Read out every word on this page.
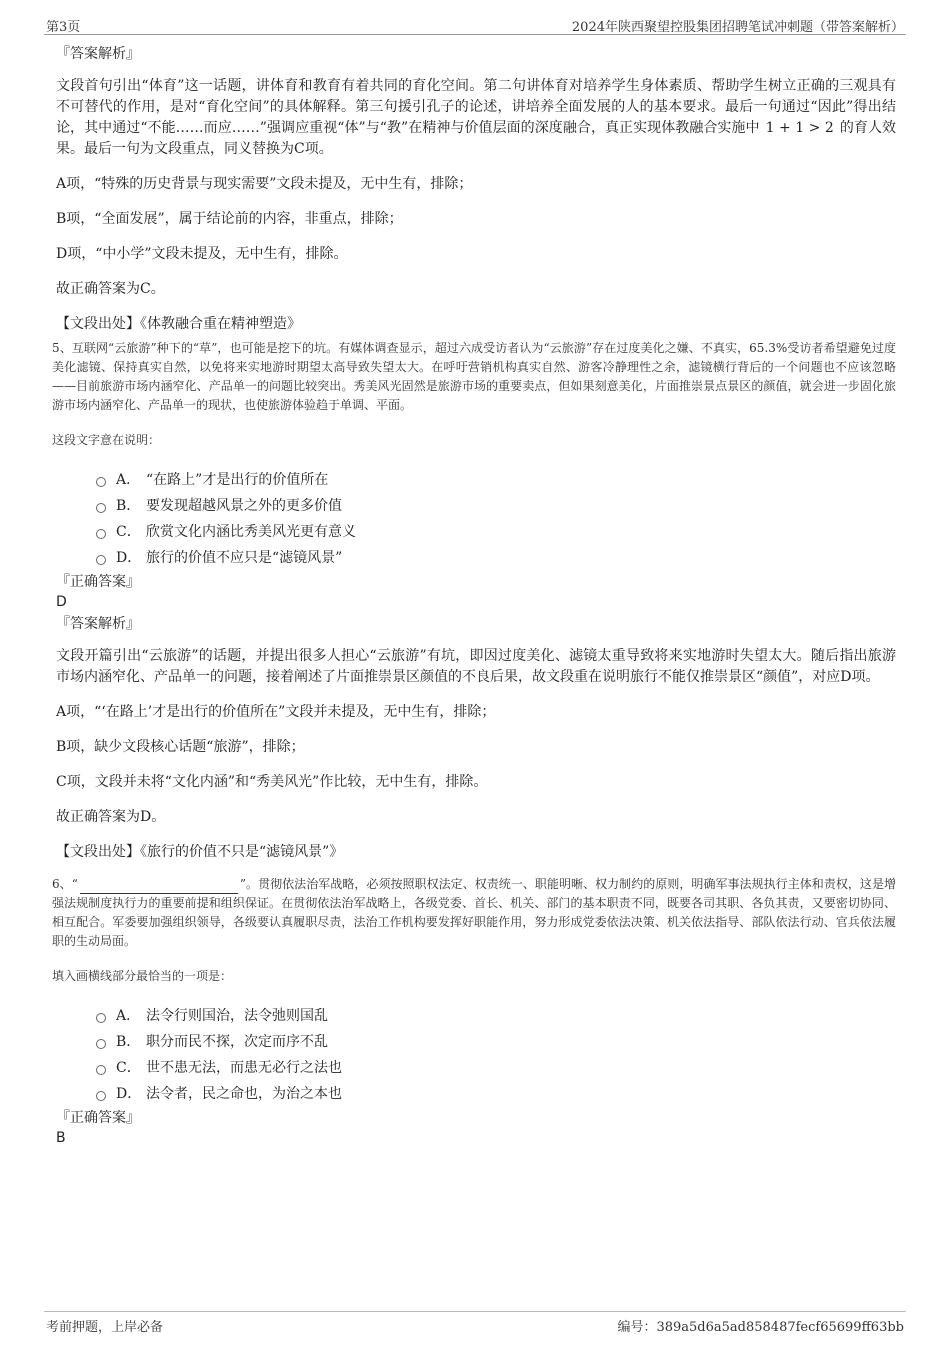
第3页	2024年陕西聚望控股集团招聘笔试冲刺题（带答案解析）

『答案解析』

文段首句引出“体育”这一话题，讲体育和教育有着共同的育化空间。第二句讲体育对培养学生身体素质、帮助学生树立正确的三观具有不可替代的作用，是对“育化空间”的具体解释。第三句援引孔子的论述，讲培养全面发展的人的基本要求。最后一句通过“因此”得出结论，其中通过“不能……而应……”强调应重视“体”与“教”在精神与价值层面的深度融合，真正实现体教融合实施中 1 + 1 > 2 的育人效果。最后一句为文段重点，同义替换为C项。

A项，“特殊的历史背景与现实需要”文段未提及，无中生有，排除；

B项，“全面发展”，属于结论前的内容，非重点，排除；

D项，“中小学”文段未提及，无中生有，排除。

故正确答案为C。

【文段出处】《体教融合重在精神塑造》

5、互联网“云旅游”种下的“草”，也可能是挖下的坑。有媒体调查显示，超过六成受访者认为“云旅游”存在过度美化之嫌、不真实，65.3%受访者希望避免过度美化滤镜、保持真实自然，以免将来实地游时期望太高导致失望太大。在呼吁营销机构真实自然、游客冷静理性之余，滤镜横行背后的一个问题也不应该忽略——目前旅游市场内涵窄化、产品单一的问题比较突出。秀美风光固然是旅游市场的重要卖点，但如果刻意美化，片面推崇景点景区的颜值，就会进一步固化旅游市场内涵窄化、产品单一的现状，也使旅游体验趋于单调、平面。

这段文字意在说明：

A． “在路上”才是出行的价值所在
B． 要发现超越风景之外的更多价值
C． 欣赏文化内涵比秀美风光更有意义
D． 旅行的价值不应只是“滤镜风景”

『正确答案』

D

『答案解析』

文段开篇引出“云旅游”的话题，并提出很多人担心“云旅游”有坑，即因过度美化、滤镜太重导致将来实地游时失望太大。随后指出旅游市场内涵窄化、产品单一的问题，接着阐述了片面推崇景区颜值的不良后果，故文段重在说明旅行不能仅推崇景区“颜值”，对应D项。

A项，“‘在路上’才是出行的价值所在”文段并未提及，无中生有，排除；

B项，缺少文段核心话题“旅游”，排除；

C项，文段并未将“文化内涵”和“秀美风光”作比较，无中生有，排除。

故正确答案为D。

【文段出处】《旅行的价值不只是“滤镜风景”》

6、“	”。贯彻依法治军战略，必须按照职权法定、权责统一、职能明晰、权力制约的原则，明确军事法规执行主体和责权，这是增强法规制度执行力的重要前提和组织保证。在贯彻依法治军战略上，各级党委、首长、机关、部门的基本职责不同，既要各司其职、各负其责，又要密切协同、相互配合。军委要加强组织领导，各级要认真履职尽责，法治工作机构要发挥好职能作用，努力形成党委依法决策、机关依法指导、部队依法行动、官兵依法履职的生动局面。

填入画横线部分最恰当的一项是：

A． 法令行则国治，法令弛则国乱
B． 职分而民不探，次定而序不乱
C． 世不患无法，而患无必行之法也
D． 法令者，民之命也，为治之本也

『正确答案』

B

考前押题，上岸必备	编号：389a5d6a5ad858487fecf65699ff63bb
